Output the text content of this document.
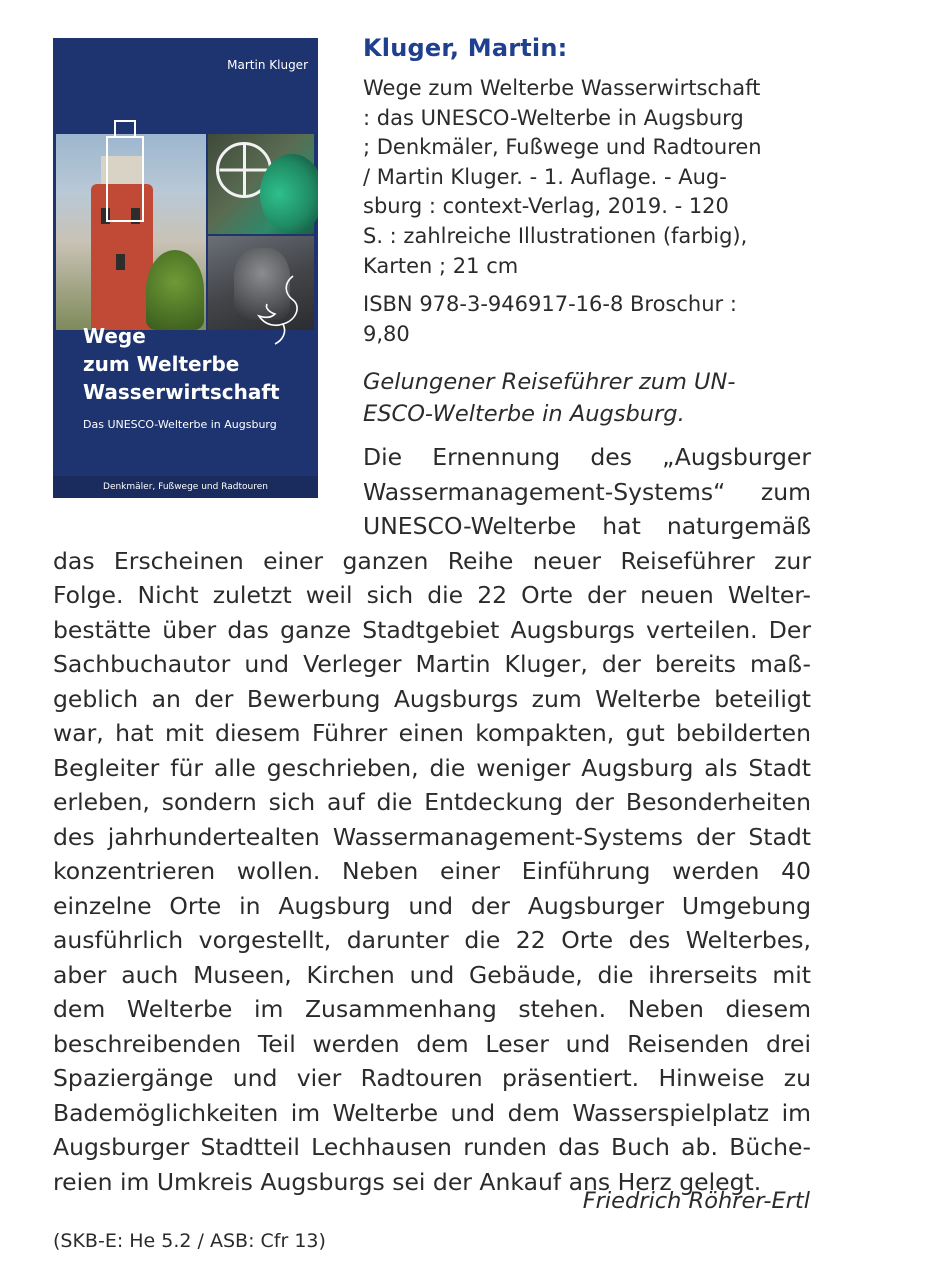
Martin Kluger
Wege
zum Welterbe
Wasserwirtschaft
Das UNESCO-Welterbe in Augsburg
Denkmäler, Fußwege und Radtouren
Kluger, Martin:
Wege zum Welterbe Wasserwirtschaft
: das UNESCO-Welterbe in Augsburg
; Denkmäler, Fußwege und Radtouren
/ Martin Kluger. - 1. Auflage. - Aug-
sburg : context-Verlag, 2019. - 120
S. : zahlreiche Illustrationen (farbig),
Karten ; 21 cm
ISBN 978-3-946917-16-8 Broschur :
9,80
Gelungener Reiseführer zum UN-
ESCO-Welterbe in Augsburg.
Die Ernennung des „Augsburger
Wassermanagement-Systems“ zum
UNESCO-Welterbe hat naturgemäß
das Erscheinen einer ganzen Reihe neuer Reiseführer zur
Folge. Nicht zuletzt weil sich die 22 Orte der neuen Welter-
bestätte über das ganze Stadtgebiet Augsburgs verteilen. Der
Sachbuchautor und Verleger Martin Kluger, der bereits maß-
geblich an der Bewerbung Augsburgs zum Welterbe beteiligt
war, hat mit diesem Führer einen kompakten, gut bebilderten
Begleiter für alle geschrieben, die weniger Augsburg als Stadt
erleben, sondern sich auf die Entdeckung der Besonderheiten
des jahrhundertealten Wassermanagement-Systems der Stadt
konzentrieren wollen. Neben einer Einführung werden 40
einzelne Orte in Augsburg und der Augsburger Umgebung
ausführlich vorgestellt, darunter die 22 Orte des Welterbes,
aber auch Museen, Kirchen und Gebäude, die ihrerseits mit
dem Welterbe im Zusammenhang stehen. Neben diesem
beschreibenden Teil werden dem Leser und Reisenden drei
Spaziergänge und vier Radtouren präsentiert. Hinweise zu
Bademöglichkeiten im Welterbe und dem Wasserspielplatz im
Augsburger Stadtteil Lechhausen runden das Buch ab. Büche-
reien im Umkreis Augsburgs sei der Ankauf ans Herz gelegt.
Friedrich Röhrer-Ertl
(SKB-E: He 5.2 / ASB: Cfr 13)
